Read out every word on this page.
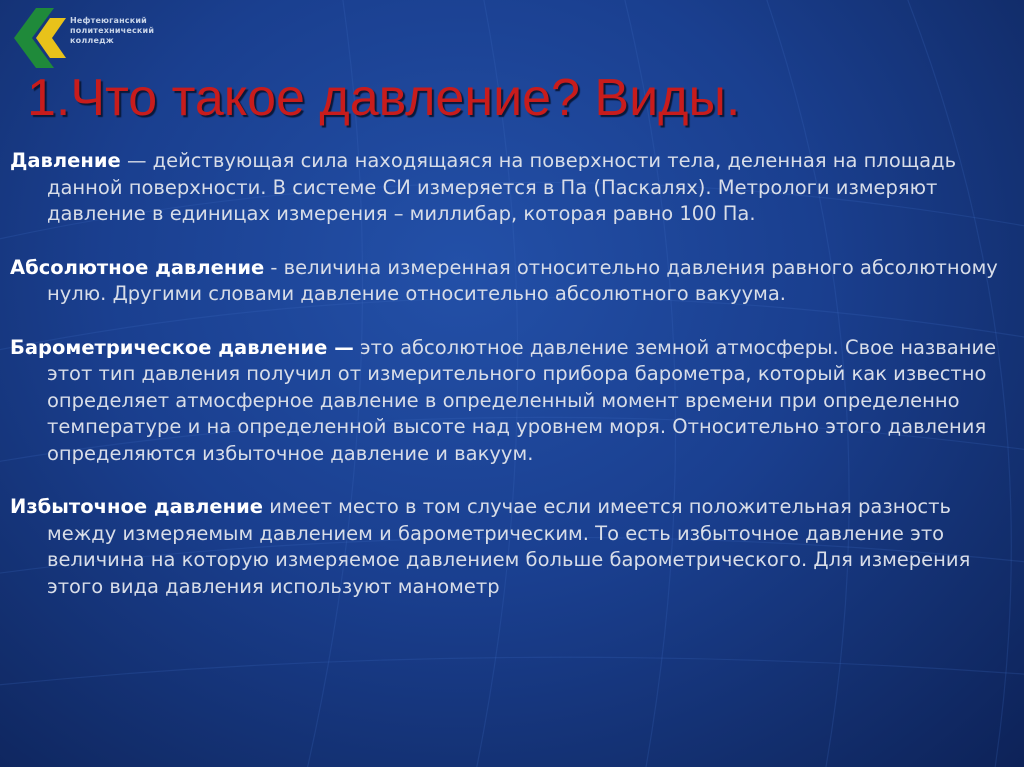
Нефтеюганский
политехнический
колледж
1.Что такое давление? Виды.

Давление — действующая сила находящаяся на поверхности тела, деленная на площадь данной поверхности. В системе СИ измеряется в Па (Паскалях). Метрологи измеряют давление в единицах измерения – миллибар, которая равно 100 Па.

Абсолютное давление - величина измеренная относительно давления равного абсолютному нулю. Другими словами давление относительно абсолютного вакуума.

Барометрическое давление — это абсолютное давление земной атмосферы. Свое название этот тип давления получил от измерительного прибора барометра, который как известно определяет атмосферное давление в определенный момент времени при определенно температуре и на определенной высоте над уровнем моря. Относительно этого давления определяются избыточное давление и вакуум.

Избыточное давление имеет место в том случае если имеется положительная разность между измеряемым давлением и барометрическим. То есть избыточное давление это величина на которую измеряемое давлением больше барометрического. Для измерения этого вида давления используют манометр
